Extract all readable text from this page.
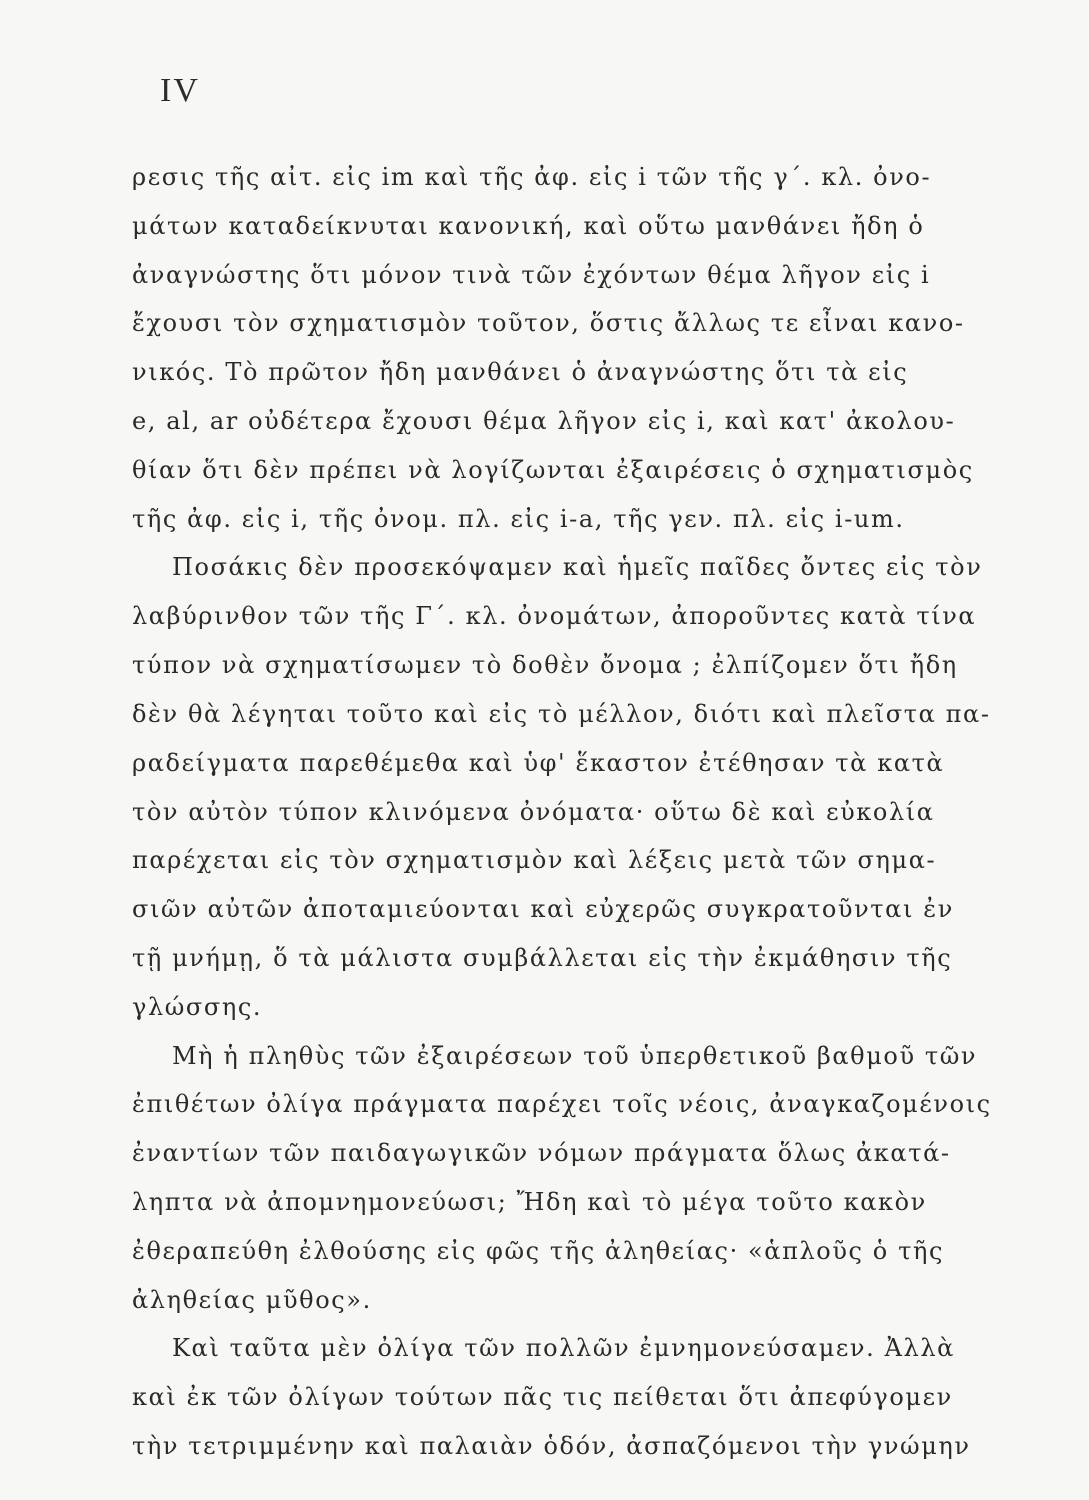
IV
ρεσις τῆς αἰτ. εἰς im καὶ τῆς ἀφ. εἰς i τῶν τῆς γ΄. κλ. ὀνο-
μάτων καταδείκνυται κανονική, καὶ οὕτω μανθάνει ἤδη ὁ
ἀναγνώστης ὅτι μόνον τινὰ τῶν ἐχόντων θέμα λῆγον εἰς i
ἔχουσι τὸν σχηματισμὸν τοῦτον, ὅστις ἄλλως τε εἶναι κανο-
νικός. Τὸ πρῶτον ἤδη μανθάνει ὁ ἀναγνώστης ὅτι τὰ εἰς
e, al, ar οὐδέτερα ἔχουσι θέμα λῆγον εἰς i, καὶ κατ' ἀκολου-
θίαν ὅτι δὲν πρέπει νὰ λογίζωνται ἐξαιρέσεις ὁ σχηματισμὸς
τῆς ἀφ. εἰς i, τῆς ὀνομ. πλ. εἰς i-a, τῆς γεν. πλ. εἰς i-um.
Ποσάκις δὲν προσεκόψαμεν καὶ ἡμεῖς παῖδες ὄντες εἰς τὸν
λαβύρινθον τῶν τῆς Γ΄. κλ. ὀνομάτων, ἀποροῦντες κατὰ τίνα
τύπον νὰ σχηματίσωμεν τὸ δοθὲν ὄνομα ; ἐλπίζομεν ὅτι ἤδη
δὲν θὰ λέγηται τοῦτο καὶ εἰς τὸ μέλλον, διότι καὶ πλεῖστα πα-
ραδείγματα παρεθέμεθα καὶ ὑφ' ἕκαστον ἐτέθησαν τὰ κατὰ
τὸν αὐτὸν τύπον κλινόμενα ὀνόματα· οὕτω δὲ καὶ εὐκολία
παρέχεται εἰς τὸν σχηματισμὸν καὶ λέξεις μετὰ τῶν σημα-
σιῶν αὐτῶν ἀποταμιεύονται καὶ εὐχερῶς συγκρατοῦνται ἐν
τῇ μνήμῃ, ὅ τὰ μάλιστα συμβάλλεται εἰς τὴν ἐκμάθησιν τῆς
γλώσσης.
Μὴ ἡ πληθὺς τῶν ἐξαιρέσεων τοῦ ὑπερθετικοῦ βαθμοῦ τῶν
ἐπιθέτων ὀλίγα πράγματα παρέχει τοῖς νέοις, ἀναγκαζομένοις
ἐναντίων τῶν παιδαγωγικῶν νόμων πράγματα ὅλως ἀκατά-
ληπτα νὰ ἀπομνημονεύωσι; Ἤδη καὶ τὸ μέγα τοῦτο κακὸν
ἐθεραπεύθη ἐλθούσης εἰς φῶς τῆς ἀληθείας· «ἁπλοῦς ὁ τῆς
ἀληθείας μῦθος».
Καὶ ταῦτα μὲν ὀλίγα τῶν πολλῶν ἐμνημονεύσαμεν. Ἀλλὰ
καὶ ἐκ τῶν ὀλίγων τούτων πᾶς τις πείθεται ὅτι ἀπεφύγομεν
τὴν τετριμμένην καὶ παλαιὰν ὁδόν, ἀσπαζόμενοι τὴν γνώμην
